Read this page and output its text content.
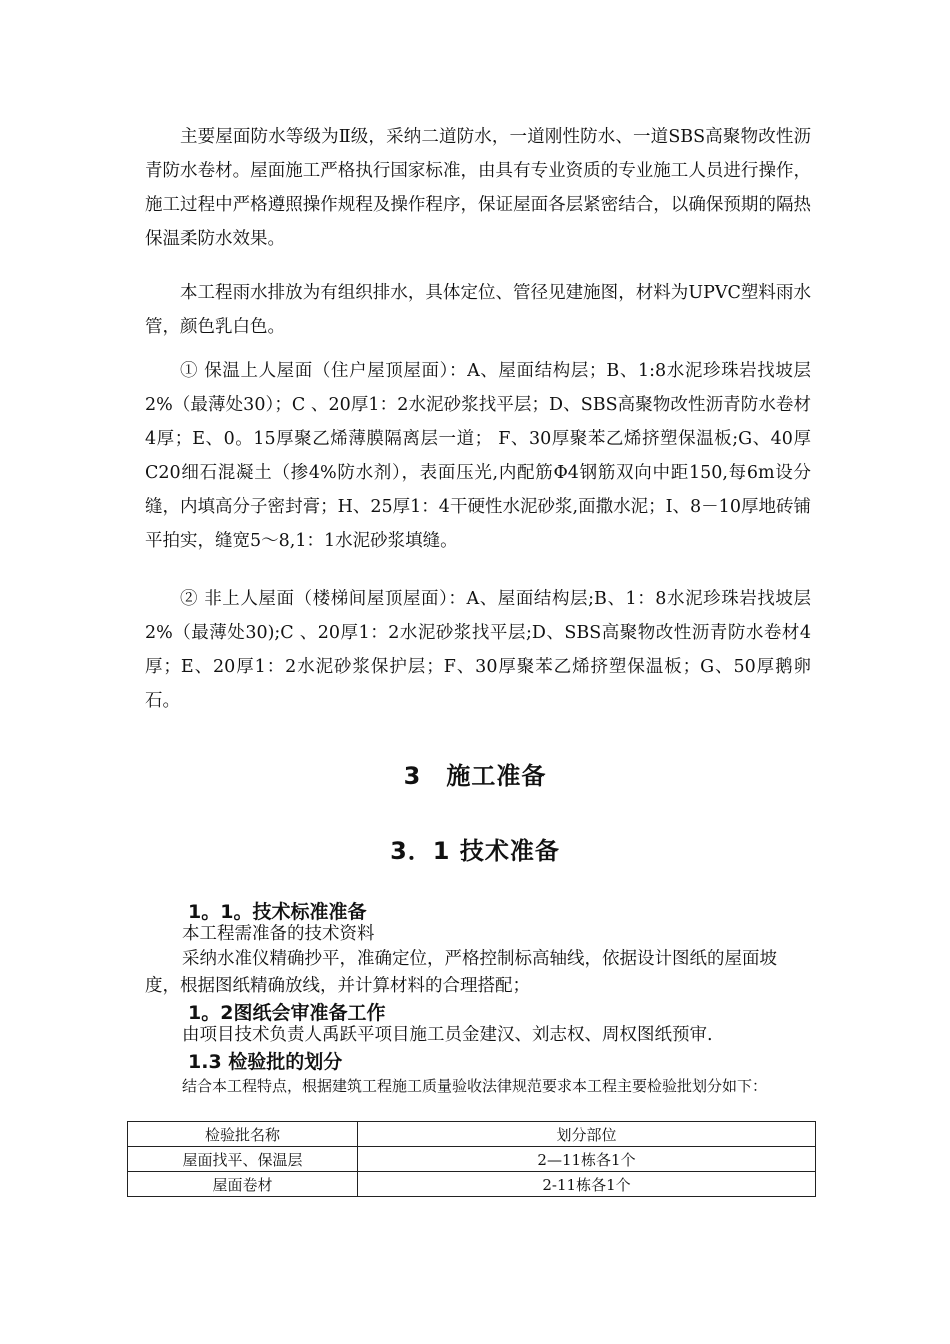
主要屋面防水等级为Ⅱ级，采纳二道防水，一道刚性防水、一道SBS高聚物改性沥青防水卷材。屋面施工严格执行国家标准，由具有专业资质的专业施工人员进行操作，施工过程中严格遵照操作规程及操作程序，保证屋面各层紧密结合，以确保预期的隔热保温柔防水效果。

本工程雨水排放为有组织排水，具体定位、管径见建施图，材料为UPVC塑料雨水管，颜色乳白色。

① 保温上人屋面（住户屋顶屋面）：A、屋面结构层；B、1:8水泥珍珠岩找坡层2%（最薄处30）；C 、20厚1：2水泥砂浆找平层；D、SBS高聚物改性沥青防水卷材4厚；E、0。15厚聚乙烯薄膜隔离层一道； F、30厚聚苯乙烯挤塑保温板;G、40厚C20细石混凝土（掺4%防水剂），表面压光,内配筋Φ4钢筋双向中距150,每6m设分缝，内填高分子密封膏；H、25厚1：4干硬性水泥砂浆,面撒水泥；I、8－10厚地砖铺平拍实，缝宽5～8,1：1水泥砂浆填缝。

② 非上人屋面（楼梯间屋顶屋面）：A、屋面结构层;B、1：8水泥珍珠岩找坡层2%（最薄处30);C 、20厚1：2水泥砂浆找平层;D、SBS高聚物改性沥青防水卷材4厚；E、20厚1：2水泥砂浆保护层；F、30厚聚苯乙烯挤塑保温板；G、50厚鹅卵石。

3　施工准备
3．1 技术准备
1。1。技术标准准备

本工程需准备的技术资料

采纳水准仪精确抄平，准确定位，严格控制标高轴线，依据设计图纸的屋面坡度，根据图纸精确放线，并计算材料的合理搭配；

1。2图纸会审准备工作

由项目技术负责人禹跃平项目施工员金建汉、刘志权、周权图纸预审.

1.3 检验批的划分

结合本工程特点，根据建筑工程施工质量验收法律规范要求本工程主要检验批划分如下：

检验批名称	划分部位
屋面找平、保温层	2—11栋各1个
屋面卷材	2-11栋各1个
